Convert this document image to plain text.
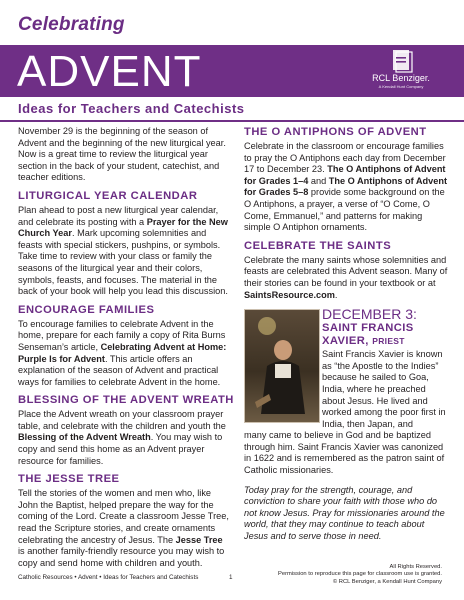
Celebrating
ADVENT	RCL Benziger.
A Kendall Hunt Company
Ideas for Teachers and Catechists

November 29 is the beginning of the season of Advent and the beginning of the new liturgical year. Now is a great time to review the liturgical year section in the back of your student, catechist, and teacher editions.

LITURGICAL YEAR CALENDAR

Plan ahead to post a new liturgical year calendar, and celebrate its posting with a Prayer for the New Church Year. Mark upcoming solemnities and feasts with special stickers, pushpins, or symbols. Take time to review with your class or family the seasons of the liturgical year and their colors, symbols, feasts, and focuses. The material in the back of your book will help you lead this discussion.

ENCOURAGE FAMILIES

To encourage families to celebrate Advent in the home, prepare for each family a copy of Rita Burns Senseman’s article, Celebrating Advent at Home: Purple Is for Advent. This article offers an explanation of the season of Advent and practical ways for families to celebrate Advent in the home.

BLESSING OF THE ADVENT WREATH

Place the Advent wreath on your classroom prayer table, and celebrate with the children and youth the Blessing of the Advent Wreath. You may wish to copy and send this home as an Advent prayer resource for families.

THE JESSE TREE

Tell the stories of the women and men who, like John the Baptist, helped prepare the way for the coming of the Lord. Create a classroom Jesse Tree, read the Scripture stories, and create ornaments celebrating the ancestry of Jesus. The Jesse Tree is another family-friendly resource you may wish to copy and send home with children and youth.

THE O ANTIPHONS OF ADVENT

Celebrate in the classroom or encourage families to pray the O Antiphons each day from December 17 to December 23. The O Antiphons of Advent for Grades 1–4 and The O Antiphons of Advent for Grades 5–8 provide some background on the O Antiphons, a prayer, a verse of “O Come, O Come, Emmanuel,” and patterns for making simple O Antiphon ornaments.

CELEBRATE THE SAINTS

Celebrate the many saints whose solemnities and feasts are celebrated this Advent season. Many of their stories can be found in your textbook or at SaintsResource.com.

DECEMBER 3:
SAINT FRANCIS XAVIER, PRIEST

Saint Francis Xavier is known as “the Apostle to the Indies” because he sailed to Goa, India, where he preached about Jesus. He lived and worked among the poor first in India, then Japan, and

many came to believe in God and be baptized through him. Saint Francis Xavier was canonized in 1622 and is remembered as the patron saint of Catholic missionaries.

Today pray for the strength, courage, and conviction to share your faith with those who do not know Jesus. Pray for missionaries around the world, that they may continue to teach about Jesus and to serve those in need.

Catholic Resources • Advent • Ideas for Teachers and Catechists	1
All Rights Reserved.
Permission to reproduce this page for classroom use is granted.
© RCL Benziger, a Kendall Hunt Company
